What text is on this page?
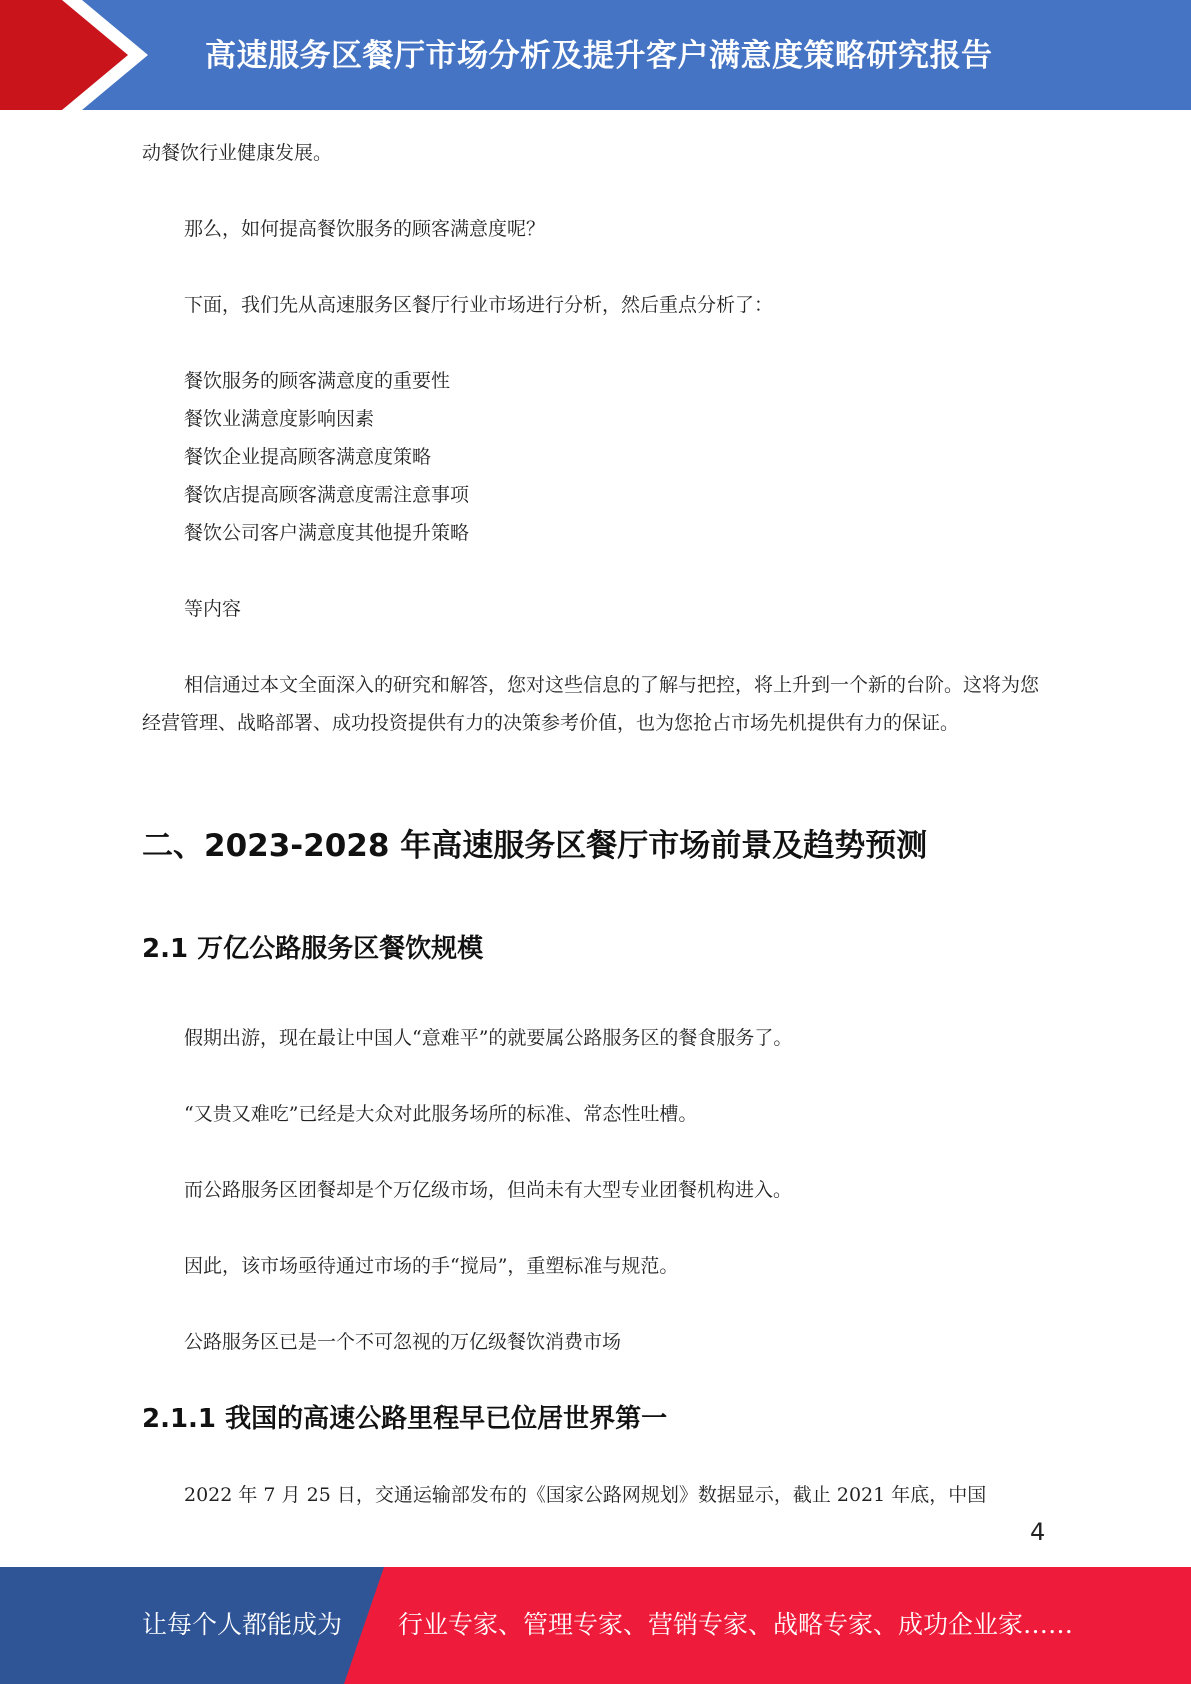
高速服务区餐厅市场分析及提升客户满意度策略研究报告

动餐饮行业健康发展。

那么，如何提高餐饮服务的顾客满意度呢？

下面，我们先从高速服务区餐厅行业市场进行分析，然后重点分析了：

餐饮服务的顾客满意度的重要性

餐饮业满意度影响因素

餐饮企业提高顾客满意度策略

餐饮店提高顾客满意度需注意事项

餐饮公司客户满意度其他提升策略

等内容

相信通过本文全面深入的研究和解答，您对这些信息的了解与把控，将上升到一个新的台阶。这将为您经营管理、战略部署、成功投资提供有力的决策参考价值，也为您抢占市场先机提供有力的保证。

二、2023-2028 年高速服务区餐厅市场前景及趋势预测
2.1 万亿公路服务区餐饮规模

假期出游，现在最让中国人“意难平”的就要属公路服务区的餐食服务了。

“又贵又难吃”已经是大众对此服务场所的标准、常态性吐槽。

而公路服务区团餐却是个万亿级市场，但尚未有大型专业团餐机构进入。

因此，该市场亟待通过市场的手“搅局”，重塑标准与规范。

公路服务区已是一个不可忽视的万亿级餐饮消费市场

2.1.1 我国的高速公路里程早已位居世界第一

2022 年 7 月 25 日，交通运输部发布的《国家公路网规划》数据显示，截止 2021 年底，中国

4
让每个人都能成为 行业专家、管理专家、营销专家、战略专家、成功企业家……
